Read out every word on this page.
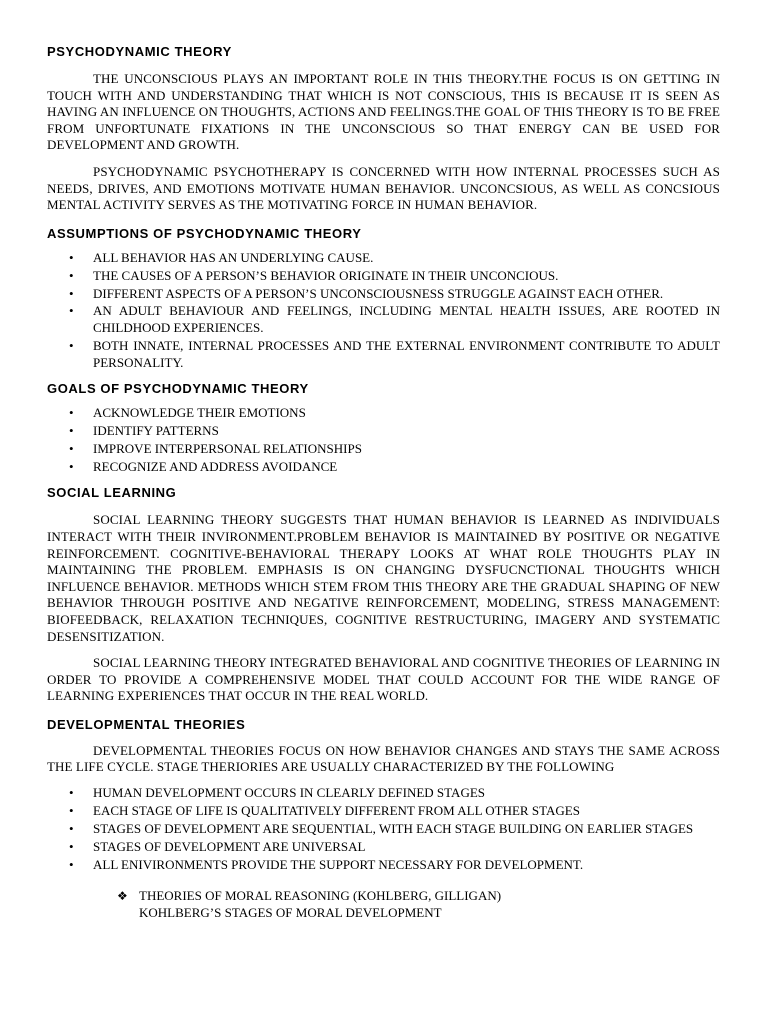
PSYCHODYNAMIC THEORY

THE UNCONSCIOUS PLAYS AN IMPORTANT ROLE IN THIS THEORY.THE FOCUS IS ON GETTING IN TOUCH WITH AND UNDERSTANDING THAT WHICH IS NOT CONSCIOUS, THIS IS BECAUSE IT IS SEEN AS HAVING AN INFLUENCE ON THOUGHTS, ACTIONS AND FEELINGS.THE GOAL OF THIS THEORY IS TO BE FREE FROM UNFORTUNATE FIXATIONS IN THE UNCONSCIOUS SO THAT ENERGY CAN BE USED FOR DEVELOPMENT AND GROWTH.

PSYCHODYNAMIC PSYCHOTHERAPY IS CONCERNED WITH HOW INTERNAL PROCESSES SUCH AS NEEDS, DRIVES, AND EMOTIONS MOTIVATE HUMAN BEHAVIOR. UNCONCSIOUS, AS WELL AS CONCSIOUS MENTAL ACTIVITY SERVES AS THE MOTIVATING FORCE IN HUMAN BEHAVIOR.

ASSUMPTIONS OF PSYCHODYNAMIC THEORY
• ALL BEHAVIOR HAS AN UNDERLYING CAUSE.
• THE CAUSES OF A PERSON’S BEHAVIOR ORIGINATE IN THEIR UNCONCIOUS.
• DIFFERENT ASPECTS OF A PERSON’S UNCONSCIOUSNESS STRUGGLE AGAINST EACH OTHER.
• AN ADULT BEHAVIOUR AND FEELINGS, INCLUDING MENTAL HEALTH ISSUES, ARE ROOTED IN CHILDHOOD EXPERIENCES.
• BOTH INNATE, INTERNAL PROCESSES AND THE EXTERNAL ENVIRONMENT CONTRIBUTE TO ADULT PERSONALITY.
GOALS OF PSYCHODYNAMIC THEORY
• ACKNOWLEDGE THEIR EMOTIONS
• IDENTIFY PATTERNS
• IMPROVE INTERPERSONAL RELATIONSHIPS
• RECOGNIZE AND ADDRESS AVOIDANCE
SOCIAL LEARNING

SOCIAL LEARNING THEORY SUGGESTS THAT HUMAN BEHAVIOR IS LEARNED AS INDIVIDUALS INTERACT WITH THEIR INVIRONMENT.PROBLEM BEHAVIOR IS MAINTAINED BY POSITIVE OR NEGATIVE REINFORCEMENT. COGNITIVE-BEHAVIORAL THERAPY LOOKS AT WHAT ROLE THOUGHTS PLAY IN MAINTAINING THE PROBLEM. EMPHASIS IS ON CHANGING DYSFUCNCTIONAL THOUGHTS WHICH INFLUENCE BEHAVIOR. METHODS WHICH STEM FROM THIS THEORY ARE THE GRADUAL SHAPING OF NEW BEHAVIOR THROUGH POSITIVE AND NEGATIVE REINFORCEMENT, MODELING, STRESS MANAGEMENT: BIOFEEDBACK, RELAXATION TECHNIQUES, COGNITIVE RESTRUCTURING, IMAGERY AND SYSTEMATIC DESENSITIZATION.

SOCIAL LEARNING THEORY INTEGRATED BEHAVIORAL AND COGNITIVE THEORIES OF LEARNING IN ORDER TO PROVIDE A COMPREHENSIVE MODEL THAT COULD ACCOUNT FOR THE WIDE RANGE OF LEARNING EXPERIENCES THAT OCCUR IN THE REAL WORLD.

DEVELOPMENTAL THEORIES

DEVELOPMENTAL THEORIES FOCUS ON HOW BEHAVIOR CHANGES AND STAYS THE SAME ACROSS THE LIFE CYCLE. STAGE THERIORIES ARE USUALLY CHARACTERIZED BY THE FOLLOWING

• HUMAN DEVELOPMENT OCCURS IN CLEARLY DEFINED STAGES
• EACH STAGE OF LIFE IS QUALITATIVELY DIFFERENT FROM ALL OTHER STAGES
• STAGES OF DEVELOPMENT ARE SEQUENTIAL, WITH EACH STAGE BUILDING ON EARLIER STAGES
• STAGES OF DEVELOPMENT ARE UNIVERSAL
• ALL ENIVIRONMENTS PROVIDE THE SUPPORT NECESSARY FOR DEVELOPMENT.
❖ THEORIES OF MORAL REASONING (KOHLBERG, GILLIGAN)
KOHLBERG’S STAGES OF MORAL DEVELOPMENT
